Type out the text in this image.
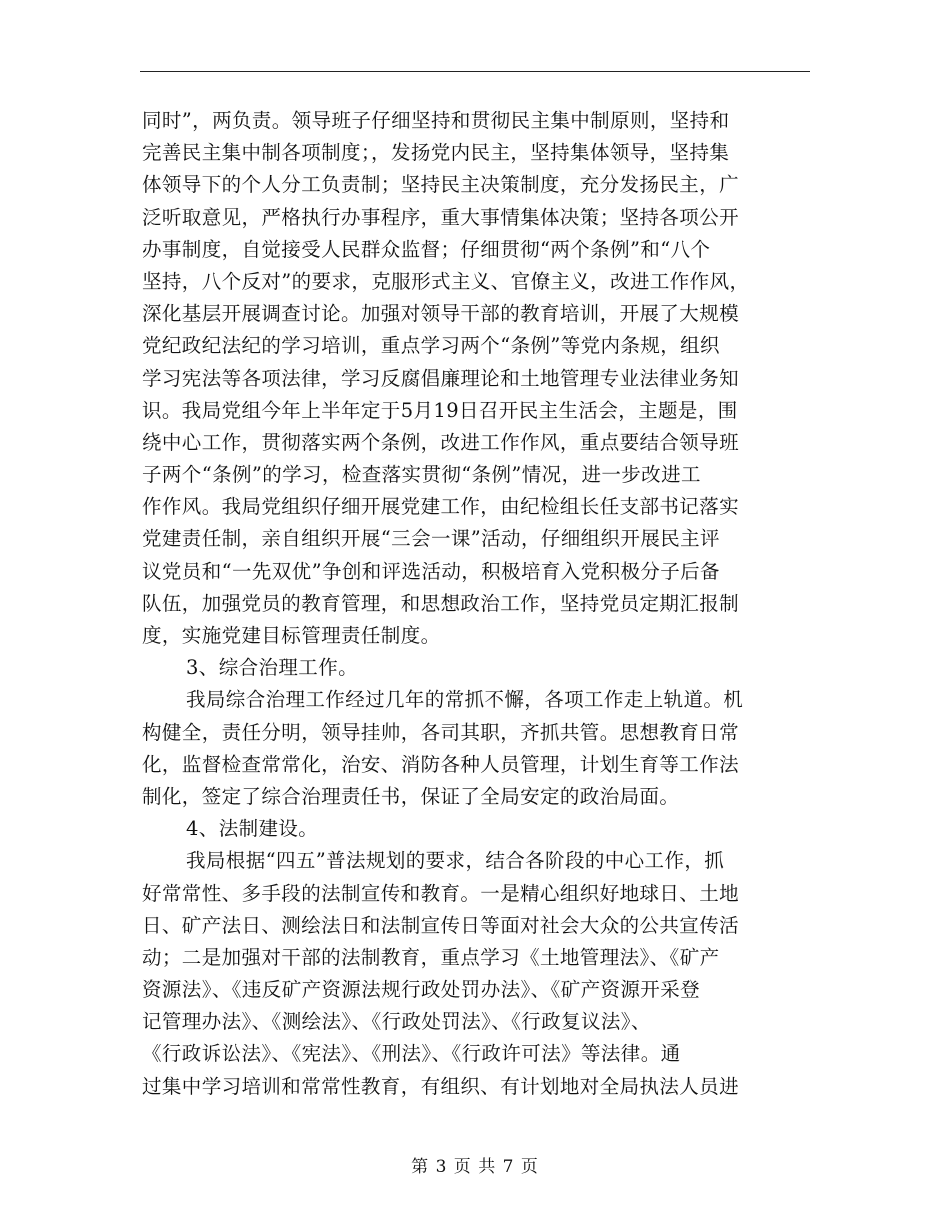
同时”，两负责。领导班子仔细坚持和贯彻民主集中制原则，坚持和
完善民主集中制各项制度；，发扬党内民主，坚持集体领导，坚持集
体领导下的个人分工负责制；坚持民主决策制度，充分发扬民主，广
泛听取意见，严格执行办事程序，重大事情集体决策；坚持各项公开
办事制度，自觉接受人民群众监督；仔细贯彻“两个条例”和“八个
坚持，八个反对”的要求，克服形式主义、官僚主义，改进工作作风，
深化基层开展调查讨论。加强对领导干部的教育培训，开展了大规模
党纪政纪法纪的学习培训，重点学习两个“条例”等党内条规，组织
学习宪法等各项法律，学习反腐倡廉理论和土地管理专业法律业务知
识。我局党组今年上半年定于5月19日召开民主生活会，主题是，围
绕中心工作，贯彻落实两个条例，改进工作作风，重点要结合领导班
子两个“条例”的学习，检查落实贯彻“条例”情况，进一步改进工
作作风。我局党组织仔细开展党建工作，由纪检组长任支部书记落实
党建责任制，亲自组织开展“三会一课”活动，仔细组织开展民主评
议党员和“一先双优”争创和评选活动，积极培育入党积极分子后备
队伍，加强党员的教育管理，和思想政治工作，坚持党员定期汇报制
度，实施党建目标管理责任制度。
3、综合治理工作。
我局综合治理工作经过几年的常抓不懈，各项工作走上轨道。机
构健全，责任分明，领导挂帅，各司其职，齐抓共管。思想教育日常
化，监督检查常常化，治安、消防各种人员管理，计划生育等工作法
制化，签定了综合治理责任书，保证了全局安定的政治局面。
4、法制建设。
我局根据“四五”普法规划的要求，结合各阶段的中心工作，抓
好常常性、多手段的法制宣传和教育。一是精心组织好地球日、土地
日、矿产法日、测绘法日和法制宣传日等面对社会大众的公共宣传活
动；二是加强对干部的法制教育，重点学习《土地管理法》、《矿产
资源法》、《违反矿产资源法规行政处罚办法》、《矿产资源开采登
记管理办法》、《测绘法》、《行政处罚法》、《行政复议法》、
《行政诉讼法》、《宪法》、《刑法》、《行政许可法》等法律。通
过集中学习培训和常常性教育，有组织、有计划地对全局执法人员进
第 3 页 共 7 页
